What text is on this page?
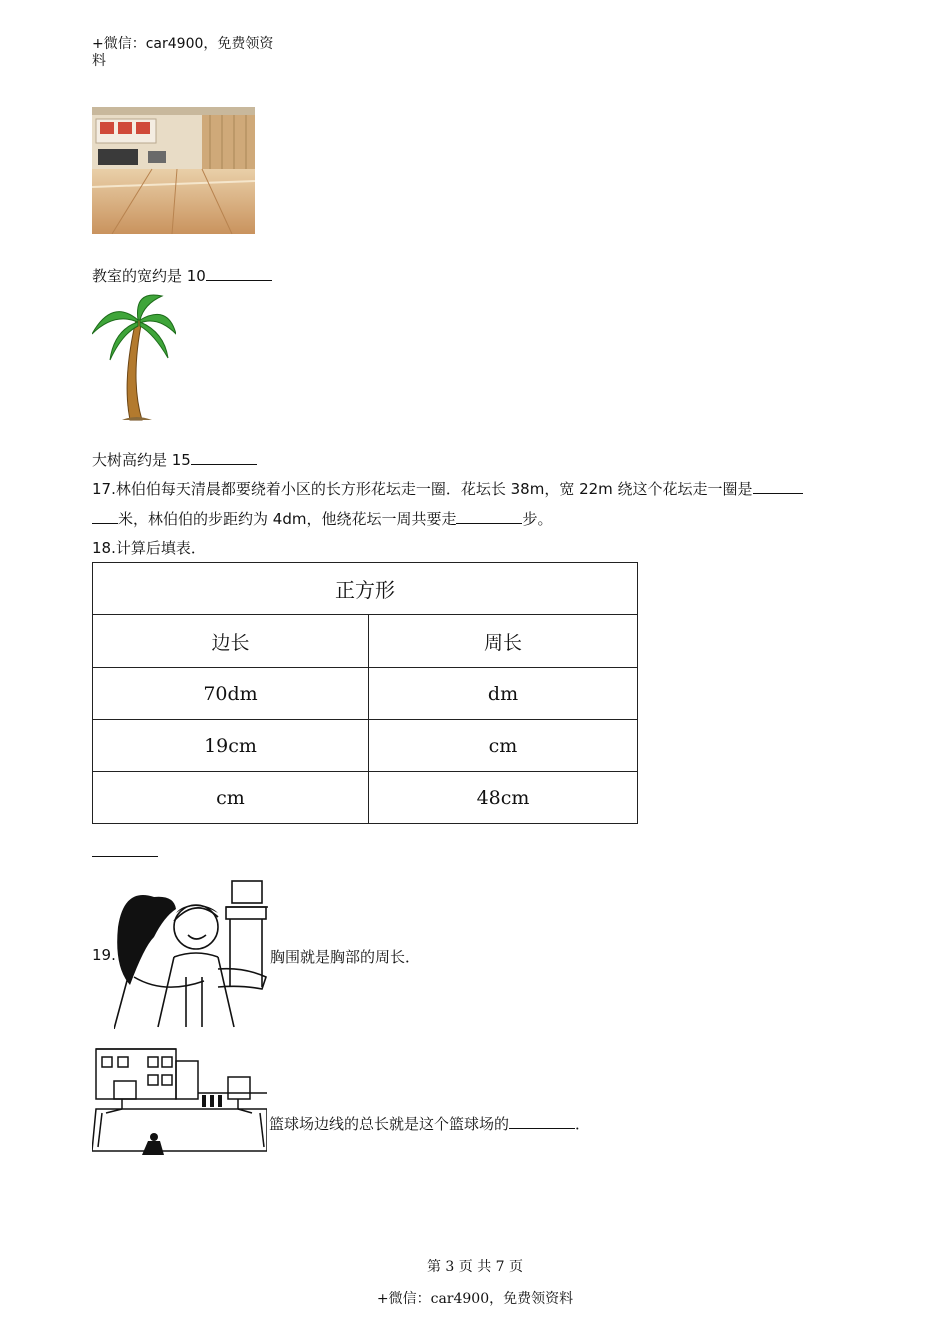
+微信：car4900，免费领资
料
教室的宽约是 10
大树高约是 15
17.林伯伯每天清晨都要绕着小区的长方形花坛走一圈．花坛长 38m，宽 22m 绕这个花坛走一圈是
米，林伯伯的步距约为 4dm，他绕花坛一周共要走	步。
18.计算后填表．
正方形	
边长	周长
70dm	dm
19cm	cm
cm	48cm
19.	胸围就是胸部的周长．
篮球场边线的总长就是这个篮球场的	．
第 3 页 共 7 页
+微信：car4900，免费领资料
